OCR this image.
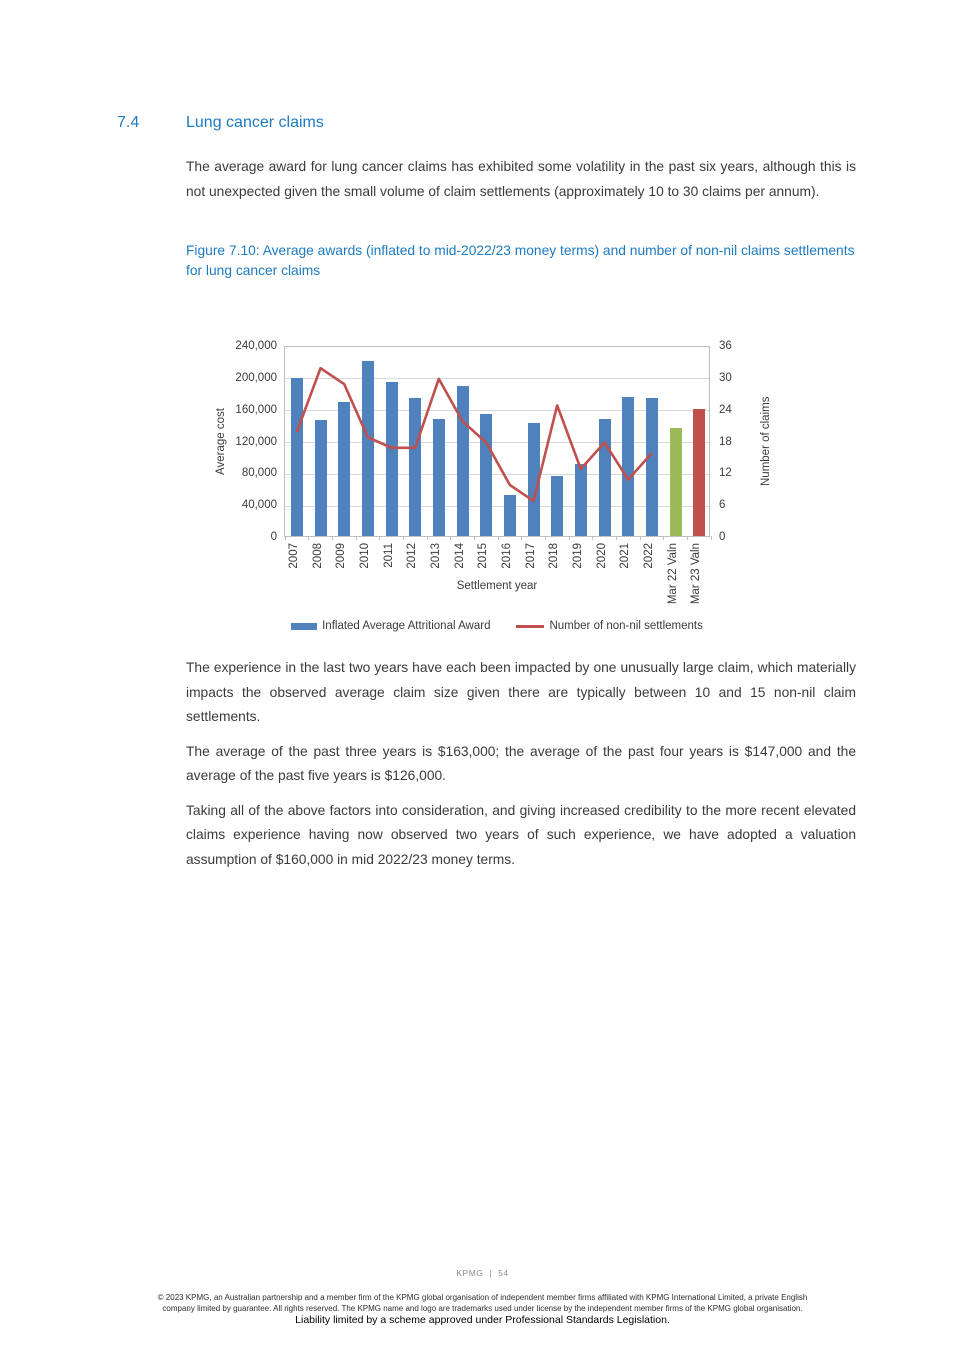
7.4	Lung cancer claims
The average award for lung cancer claims has exhibited some volatility in the past six years, although this is not unexpected given the small volume of claim settlements (approximately 10 to 30 claims per annum).
Figure 7.10: Average awards (inflated to mid-2022/23 money terms) and number of non-nil claims settlements for lung cancer claims
Average cost	Number of claims
2007 2008 2009 2010 2011 2012 2013 2014 2015 2016 2017 2018 2019 2020 2021 2022 Mar 22 Valn Mar 23 Valn
Settlement year
Inflated Average Attritional Award	Number of non-nil settlements
0	0
40,000	6
80,000	12
120,000	18
160,000	24
200,000	30
240,000	36

The experience in the last two years have each been impacted by one unusually large claim, which materially impacts the observed average claim size given there are typically between 10 and 15 non-nil claim settlements.

The average of the past three years is $163,000; the average of the past four years is $147,000 and the average of the past five years is $126,000.

Taking all of the above factors into consideration, and giving increased credibility to the more recent elevated claims experience having now observed two years of such experience, we have adopted a valuation assumption of $160,000 in mid 2022/23 money terms.

KPMG | 54
© 2023 KPMG, an Australian partnership and a member firm of the KPMG global organisation of independent member firms affiliated with KPMG International Limited, a private English
company limited by guarantee. All rights reserved. The KPMG name and logo are trademarks used under license by the independent member firms of the KPMG global organisation.
Liability limited by a scheme approved under Professional Standards Legislation.
